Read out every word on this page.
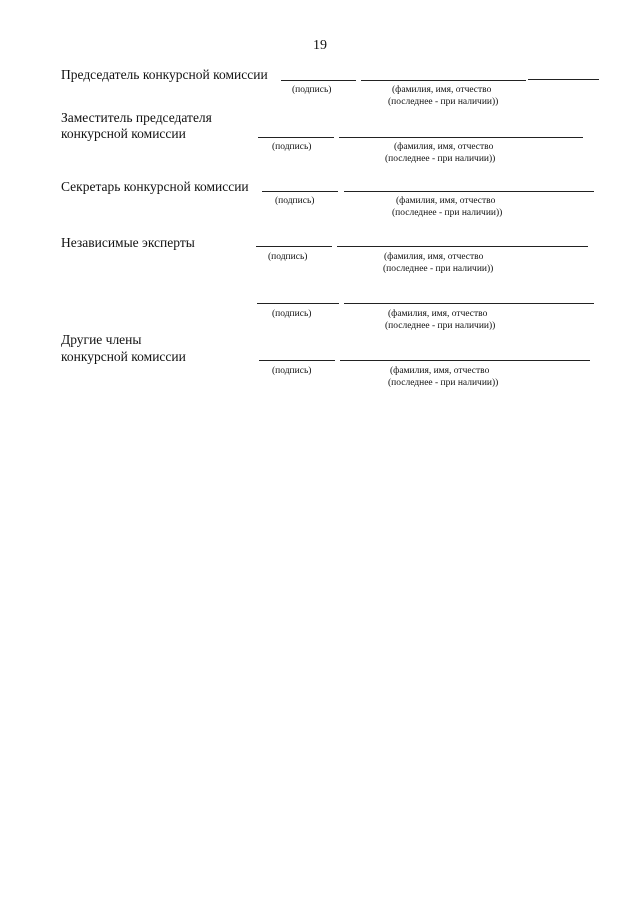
19
Председатель конкурсной комиссии
(подпись)	(фамилия, имя, отчество
(последнее - при наличии))
Заместитель председателя
конкурсной комиссии
(подпись)	(фамилия, имя, отчество
(последнее - при наличии))
Секретарь конкурсной комиссии
(подпись)	(фамилия, имя, отчество
(последнее - при наличии))
Независимые эксперты
(подпись)	(фамилия, имя, отчество
(последнее - при наличии))
(подпись)	(фамилия, имя, отчество
(последнее - при наличии))
Другие члены
конкурсной комиссии
(подпись)	(фамилия, имя, отчество
(последнее - при наличии))
